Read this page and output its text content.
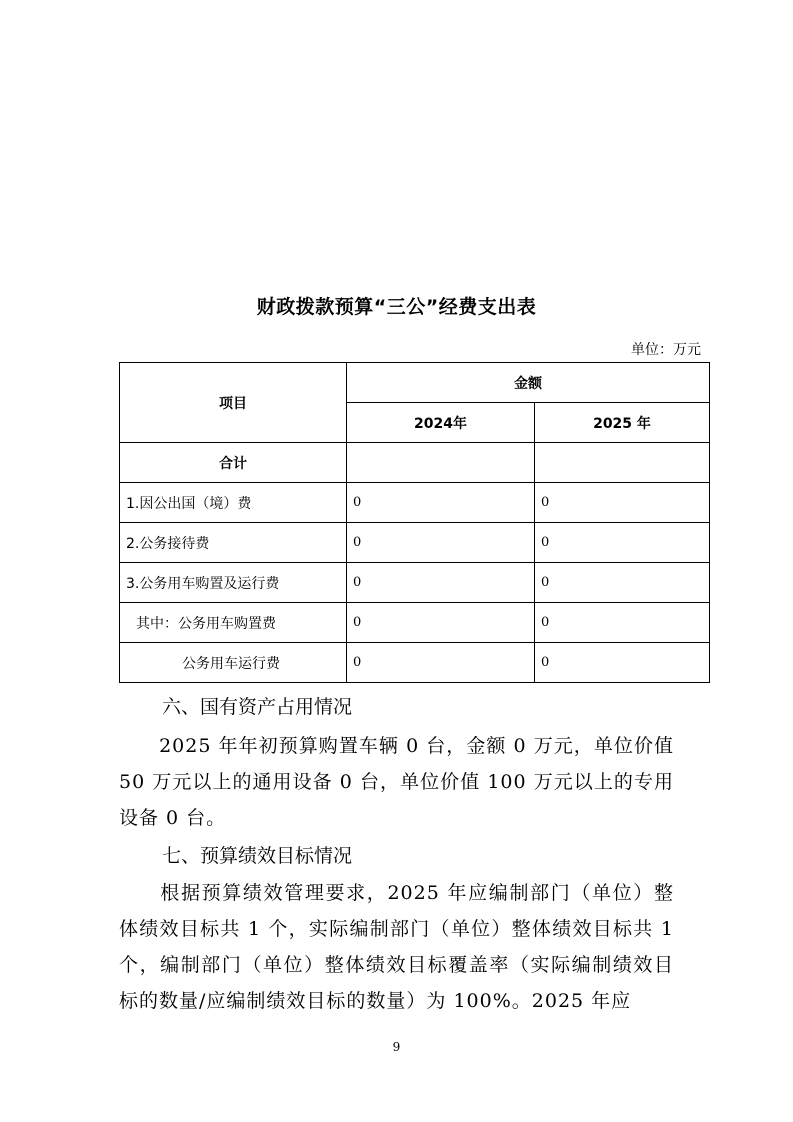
财政拨款预算“三公”经费支出表
单位：万元
项目	金额	
	2024年	2025 年
合计		
1.因公出国（境）费	0	0
2.公务接待费	0	0
3.公务用车购置及运行费	0	0
其中：公务用车购置费	0	0
公务用车运行费	0	0
六、国有资产占用情况
　　2025 年年初预算购置车辆 0 台，金额 0 万元，单位价值 50 万元以上的通用设备 0 台，单位价值 100 万元以上的专用设备 0 台。
七、预算绩效目标情况
　　根据预算绩效管理要求，2025 年应编制部门（单位）整体绩效目标共 1 个，实际编制部门（单位）整体绩效目标共 1 个，编制部门（单位）整体绩效目标覆盖率（实际编制绩效目标的数量/应编制绩效目标的数量）为 100%。2025 年应
9
